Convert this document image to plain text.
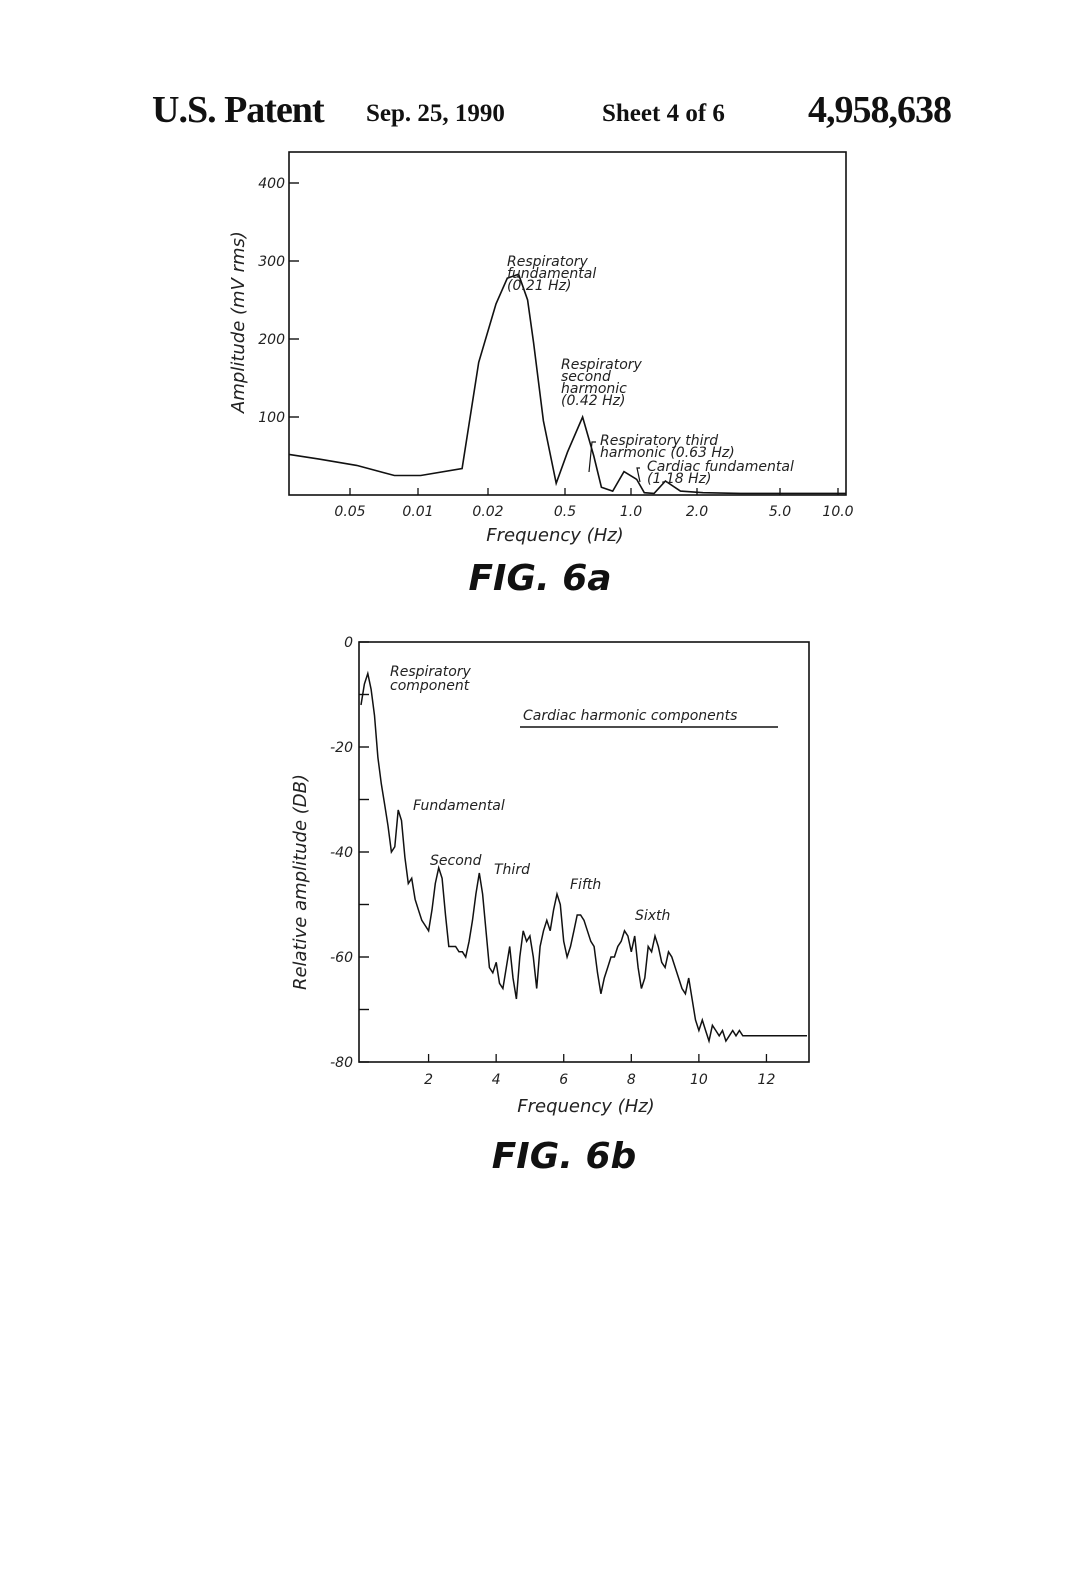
U.S. Patent Sep. 25, 1990	Sheet 4 of 6 4,958,638
100
200
300
400
0.05	0.01	0.02	0.5	1.0	2.0	5.0 10.0
Frequency (Hz)
Amplitude (mV rms)	Respiratory fundamental (0.21 Hz)
Respiratory second harmonic (0.42 Hz)
Respiratory third harmonic (0.63 Hz)
Cardiac fundamental (1.18 Hz)
FIG. 6a
0
-20
-40
-60
-80
2	4	6	8	10	12
Frequency (Hz)
Relative amplitude (DB)
Respiratory component
Cardiac harmonic components
Fundamental
Second
Third
Fifth
Sixth
FIG. 6b
